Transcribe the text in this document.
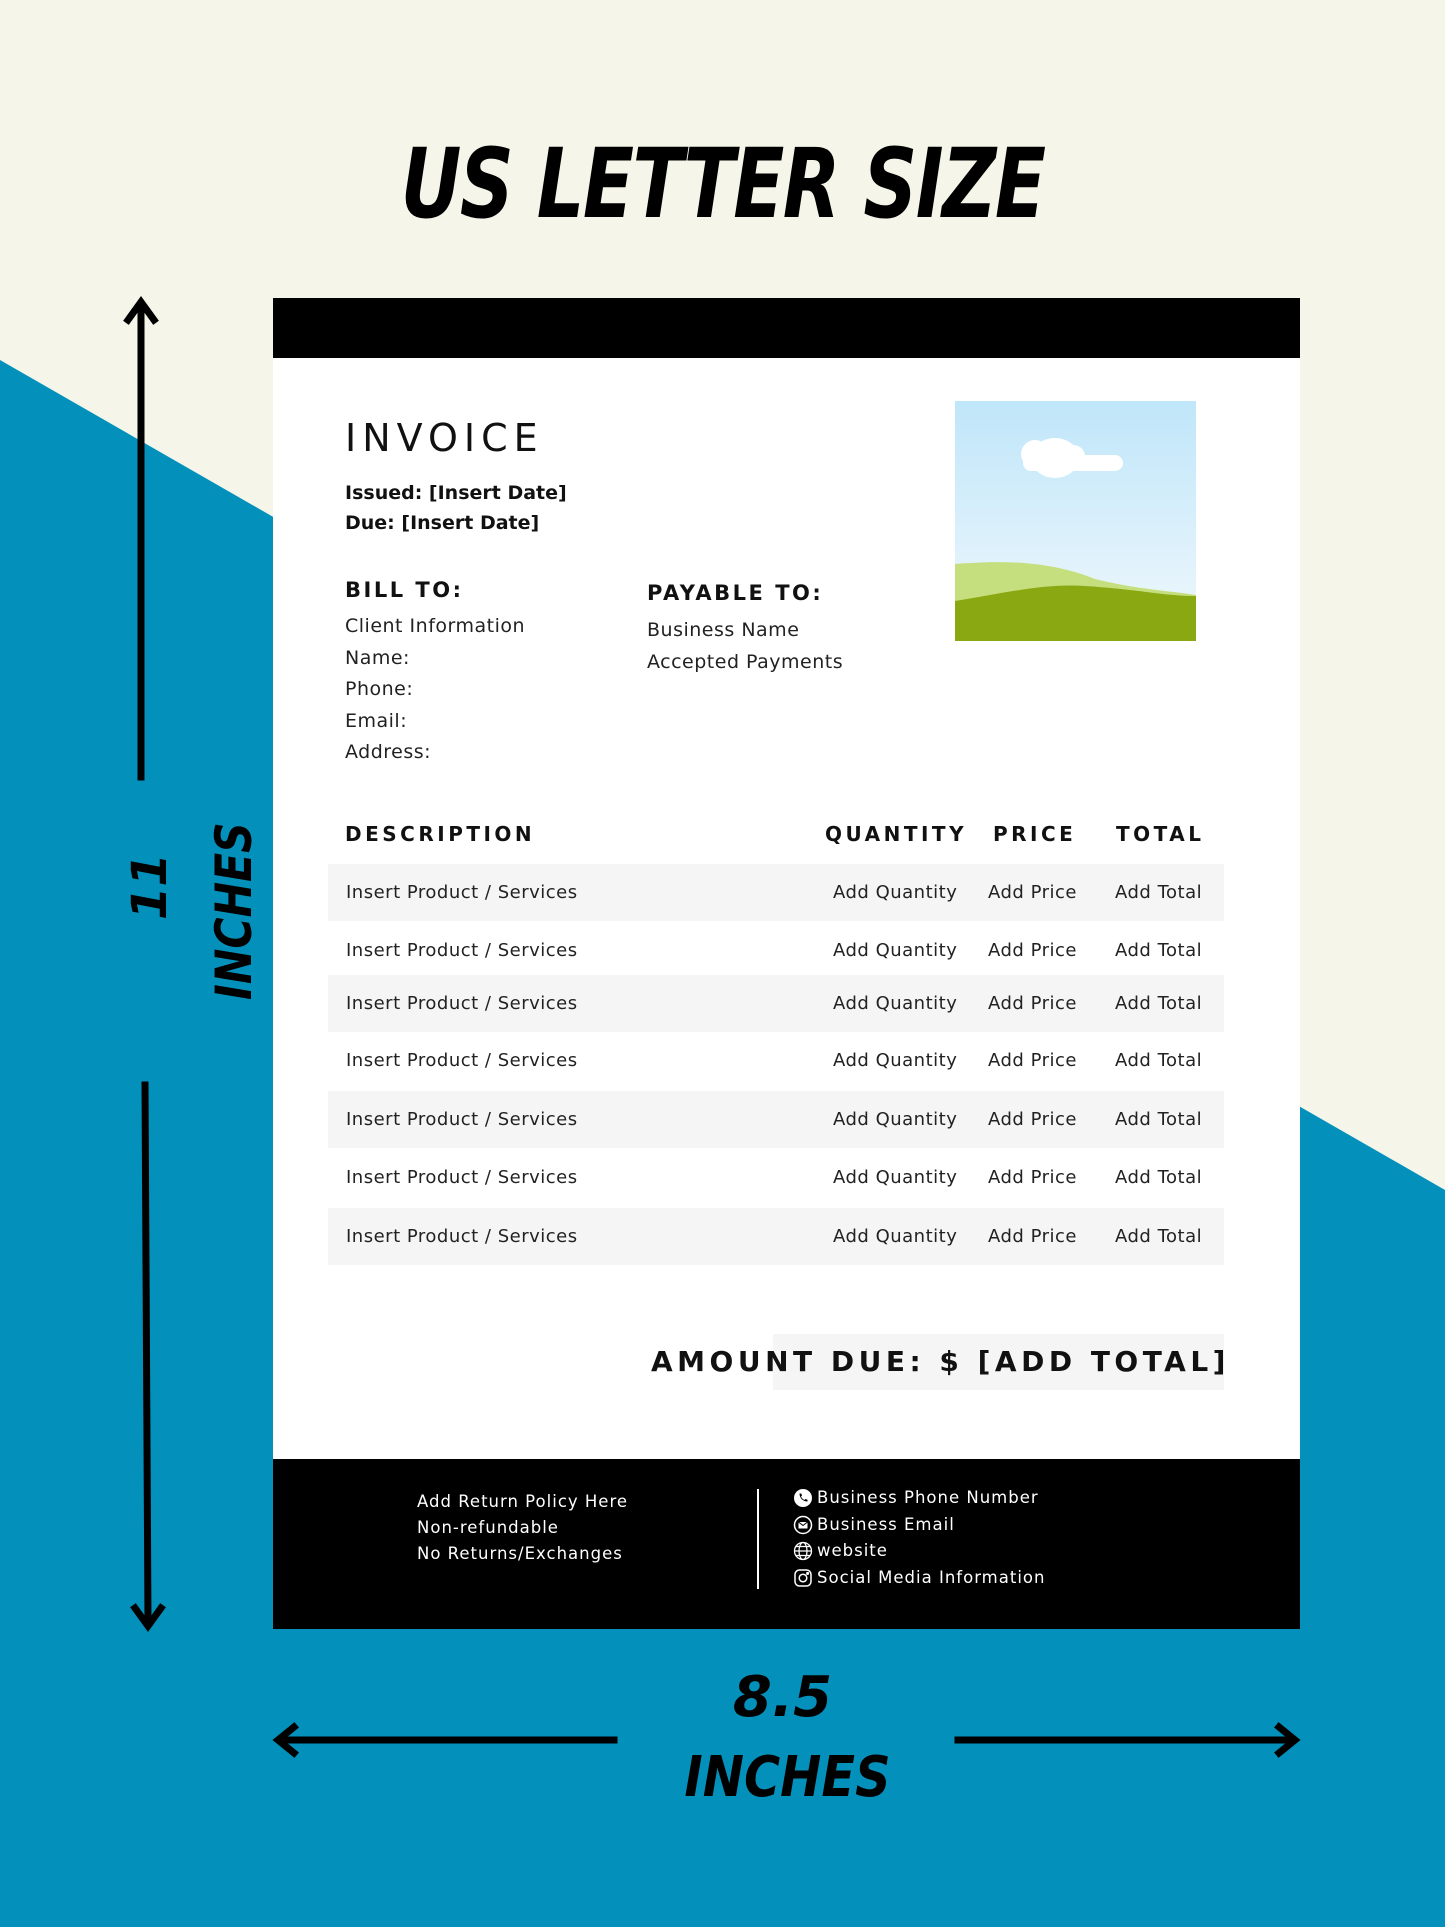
US LETTER SIZE
11 INCHES
8.5
INCHES
INVOICE
Issued: [Insert Date]
Due: [Insert Date]
BILL TO:
Client Information
Name:
Phone:
Email:
Address:
PAYABLE TO:
Business Name
Accepted Payments
DESCRIPTION	QUANTITY PRICE TOTAL
Insert Product / Services	Add Quantity Add Price Add Total
Insert Product / Services	Add Quantity Add Price Add Total
Insert Product / Services	Add Quantity Add Price Add Total
Insert Product / Services	Add Quantity Add Price Add Total
Insert Product / Services	Add Quantity Add Price Add Total
Insert Product / Services	Add Quantity Add Price Add Total
Insert Product / Services	Add Quantity Add Price Add Total
AMOUNT DUE: $ [ADD TOTAL]
Add Return Policy Here
Non-refundable
No Returns/Exchanges
Business Phone Number
Business Email
website
Social Media Information
